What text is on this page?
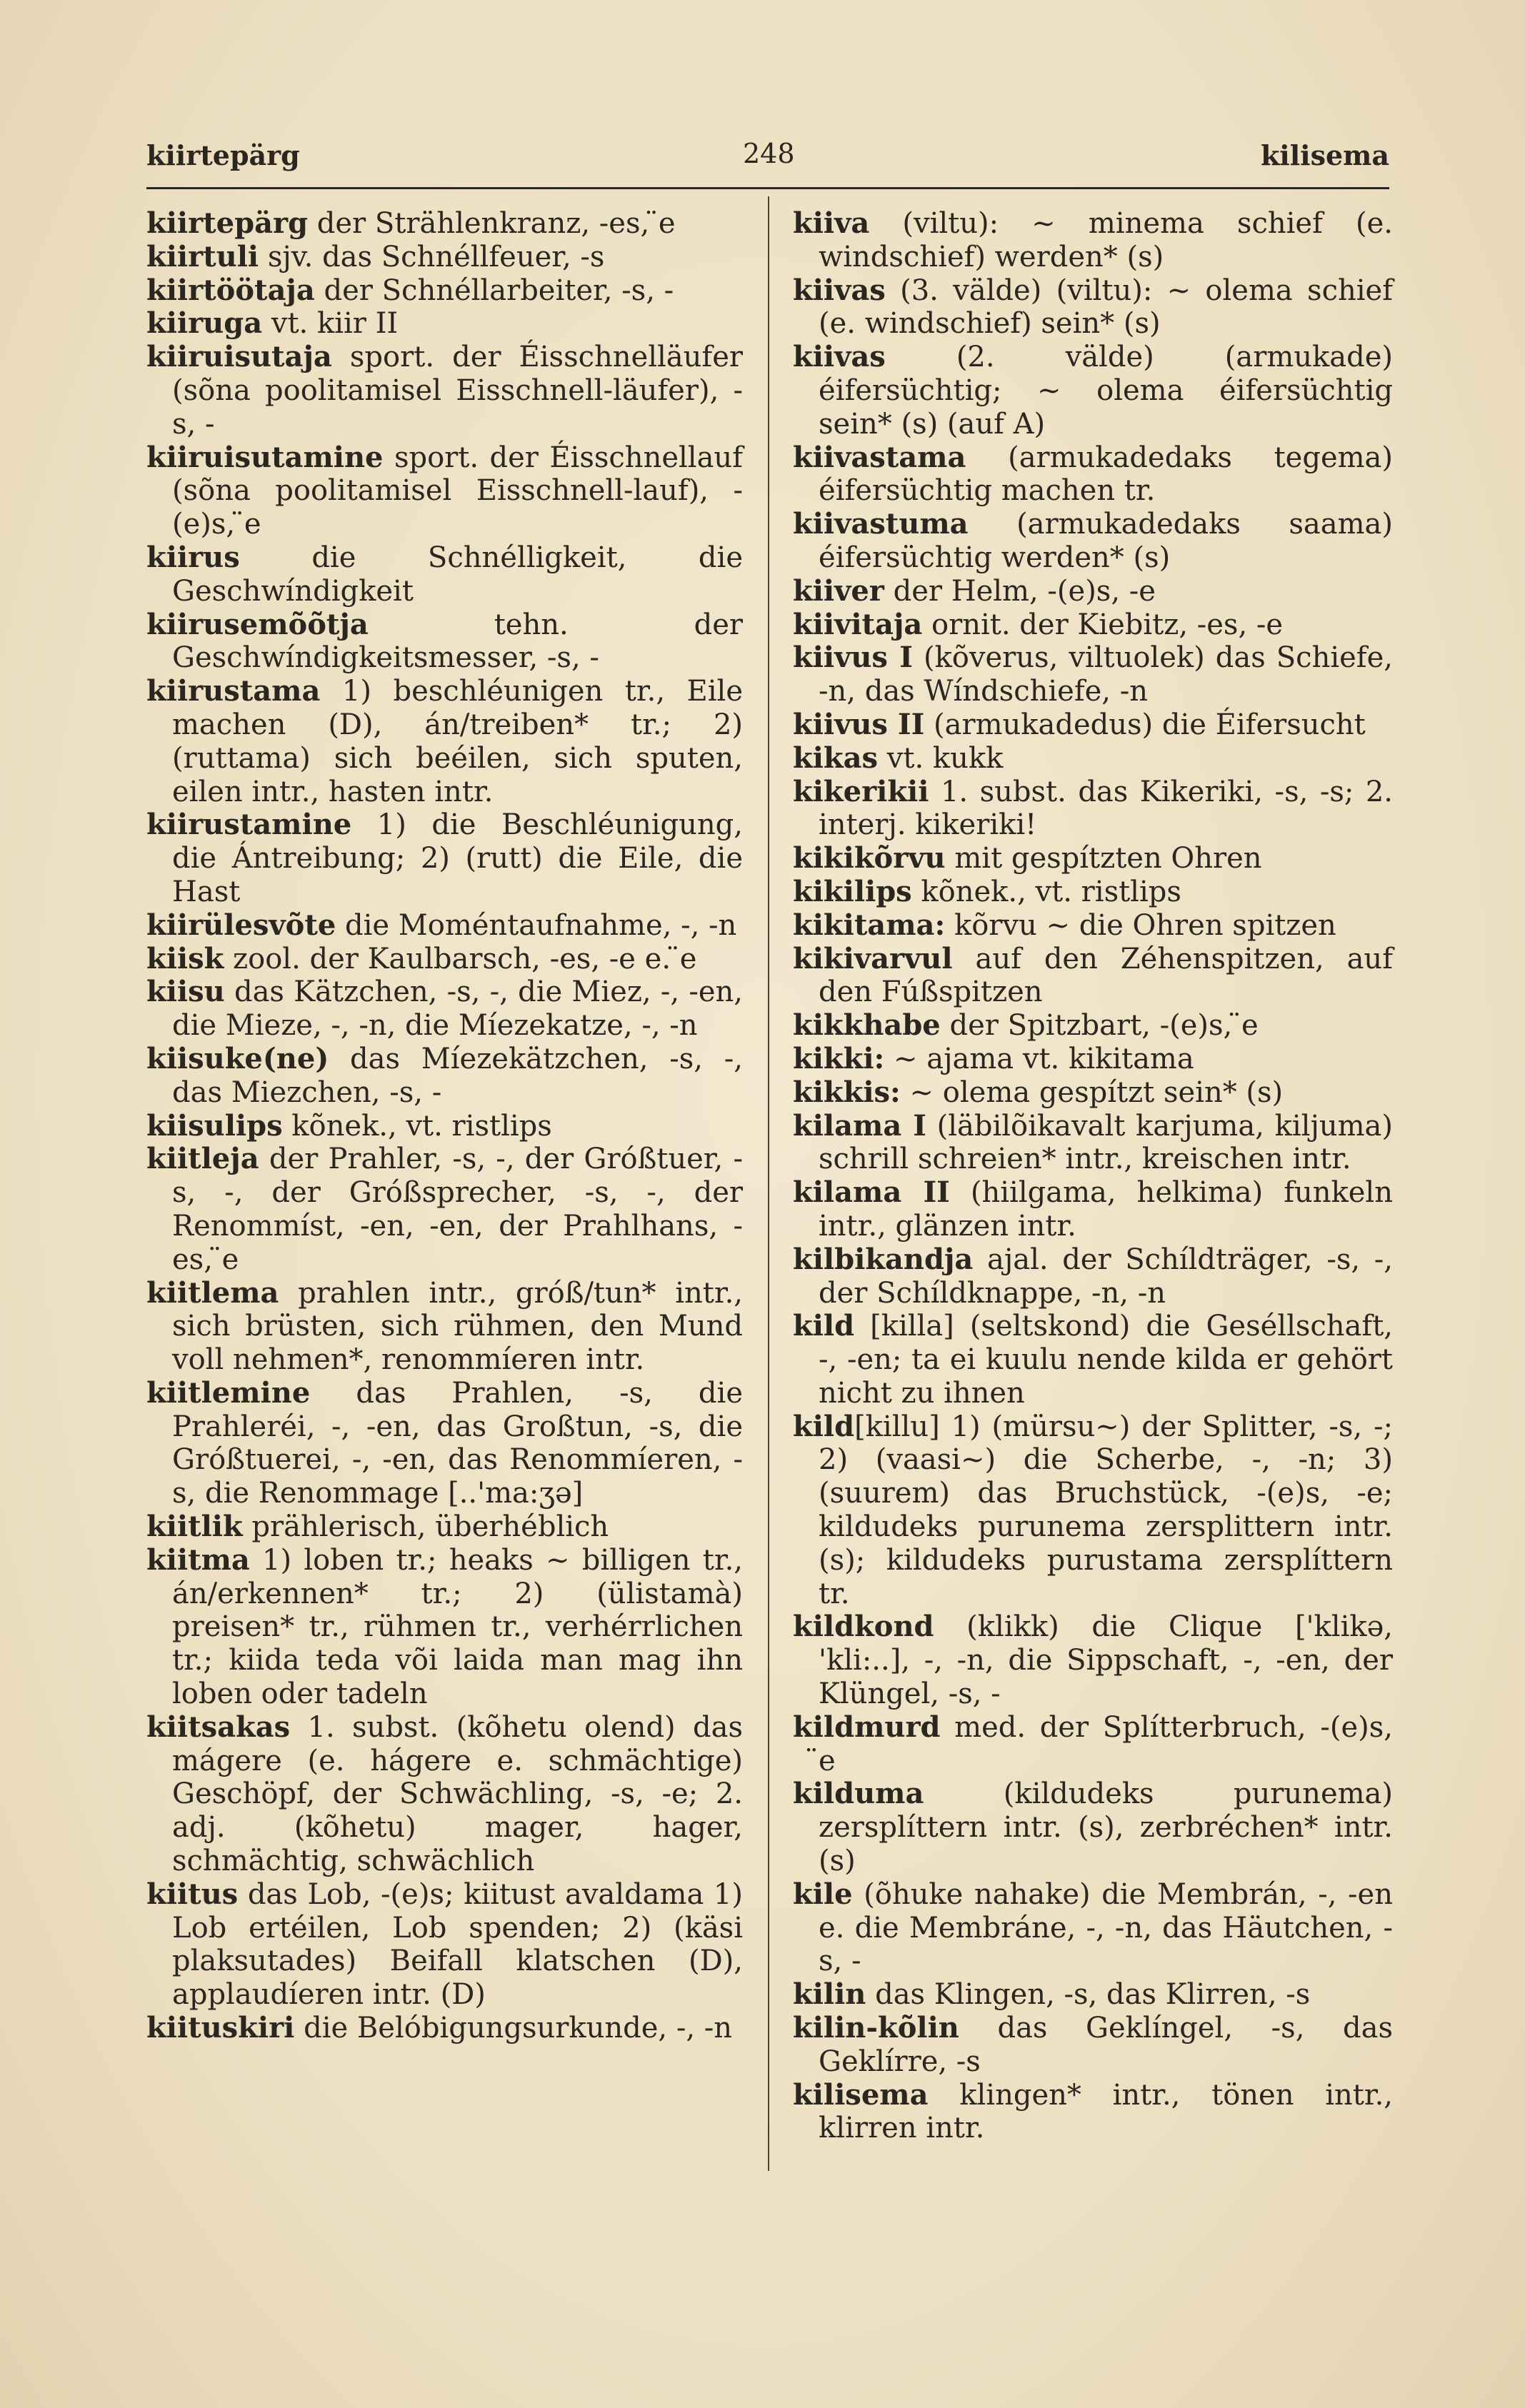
kiirtepärg	248	kilisema

kiirtepärg der Strählenkranz, -es, ̈e

kiirtuli sjv. das Schnéllfeuer, -s

kiirtöötaja der Schnéllarbeiter, -s, -

kiiruga vt. kiir II

kiiruisutaja sport. der Éisschnelläufer (sõna poolitamisel Eisschnell-läufer), -s, -

kiiruisutamine sport. der Éisschnellauf (sõna poolitamisel Eisschnell-lauf), -(e)s, ̈e

kiirus die Schnélligkeit, die Geschwíndigkeit

kiirusemõõtja tehn. der Geschwíndigkeitsmesser, -s, -

kiirustama 1) beschléunigen tr., Eile machen (D), án/treiben* tr.; 2) (ruttama) sich beéilen, sich sputen, eilen intr., hasten intr.

kiirustamine 1) die Beschléunigung, die Ántreibung; 2) (rutt) die Eile, die Hast

kiirülesvõte die Moméntaufnahme, -, -n

kiisk zool. der Kaulbarsch, -es, -e e. ̈e

kiisu das Kätzchen, -s, -, die Miez, -, -en, die Mieze, -, -n, die Míezekatze, -, -n

kiisuke(ne) das Míezekätzchen, -s, -, das Miezchen, -s, -

kiisulips kõnek., vt. ristlips

kiitleja der Prahler, -s, -, der Gróßtuer, -s, -, der Gróßsprecher, -s, -, der Renommíst, -en, -en, der Prahlhans, -es, ̈e

kiitlema prahlen intr., gróß/tun* intr., sich brüsten, sich rühmen, den Mund voll nehmen*, renommíeren intr.

kiitlemine das Prahlen, -s, die Prahleréi, -, -en, das Großtun, -s, die Gróßtuerei, -, -en, das Renommíeren, -s, die Renommage [..'ma:ʒə]

kiitlik prählerisch, überhéblich

kiitma 1) loben tr.; heaks ~ billigen tr., án/erkennen* tr.; 2) (ülistamà) preisen* tr., rühmen tr., verhérrlichen tr.; kiida teda või laida man mag ihn loben oder tadeln

kiitsakas 1. subst. (kõhetu olend) das mágere (e. hágere e. schmächtige) Geschöpf, der Schwächling, -s, -e; 2. adj. (kõhetu) mager, hager, schmächtig, schwächlich

kiitus das Lob, -(e)s; kiitust avaldama 1) Lob ertéilen, Lob spenden; 2) (käsi plaksutades) Beifall klatschen (D), applaudíeren intr. (D)

kiituskiri die Belóbigungsurkunde, -, -n

kiiva (viltu): ~ minema schief (e. windschief) werden* (s)

kiivas (3. välde) (viltu): ~ olema schief (e. windschief) sein* (s)

kiivas (2. välde) (armukade) éifersüchtig; ~ olema éifersüchtig sein* (s) (auf A)

kiivastama (armukadedaks tegema) éifersüchtig machen tr.

kiivastuma (armukadedaks saama) éifersüchtig werden* (s)

kiiver der Helm, -(e)s, -e

kiivitaja ornit. der Kiebitz, -es, -e

kiivus I (kõverus, viltuolek) das Schiefe, -n, das Wíndschiefe, -n

kiivus II (armukadedus) die Éifersucht

kikas vt. kukk

kikerikii 1. subst. das Kikeriki, -s, -s; 2. interj. kikeriki!

kikikõrvu mit gespítzten Ohren

kikilips kõnek., vt. ristlips

kikitama: kõrvu ~ die Ohren spitzen

kikivarvul auf den Zéhenspitzen, auf den Fúßspitzen

kikkhabe der Spitzbart, -(e)s, ̈e

kikki: ~ ajama vt. kikitama

kikkis: ~ olema gespítzt sein* (s)

kilama I (läbilõikavalt karjuma, kiljuma) schrill schreien* intr., kreischen intr.

kilama II (hiilgama, helkima) funkeln intr., glänzen intr.

kilbikandja ajal. der Schíldträger, -s, -, der Schíldknappe, -n, -n

kild [killa] (seltskond) die Geséllschaft, -, -en; ta ei kuulu nende kilda er gehört nicht zu ihnen

kild[killu] 1) (mürsu~) der Splitter, -s, -; 2) (vaasi~) die Scherbe, -, -n; 3) (suurem) das Bruchstück, -(e)s, -e; kildudeks purunema zersplittern intr. (s); kildudeks purustama zersplíttern tr.

kildkond (klikk) die Clique ['klikə, 'kli:..], -, -n, die Sippschaft, -, -en, der Klüngel, -s, -

kildmurd med. der Splítterbruch, -(e)s, ̈e

kilduma (kildudeks purunema) zersplíttern intr. (s), zerbréchen* intr. (s)

kile (õhuke nahake) die Membrán, -, -en e. die Membráne, -, -n, das Häutchen, -s, -

kilin das Klingen, -s, das Klirren, -s

kilin-kõlin das Geklíngel, -s, das Geklírre, -s

kilisema klingen* intr., tönen intr., klirren intr.
